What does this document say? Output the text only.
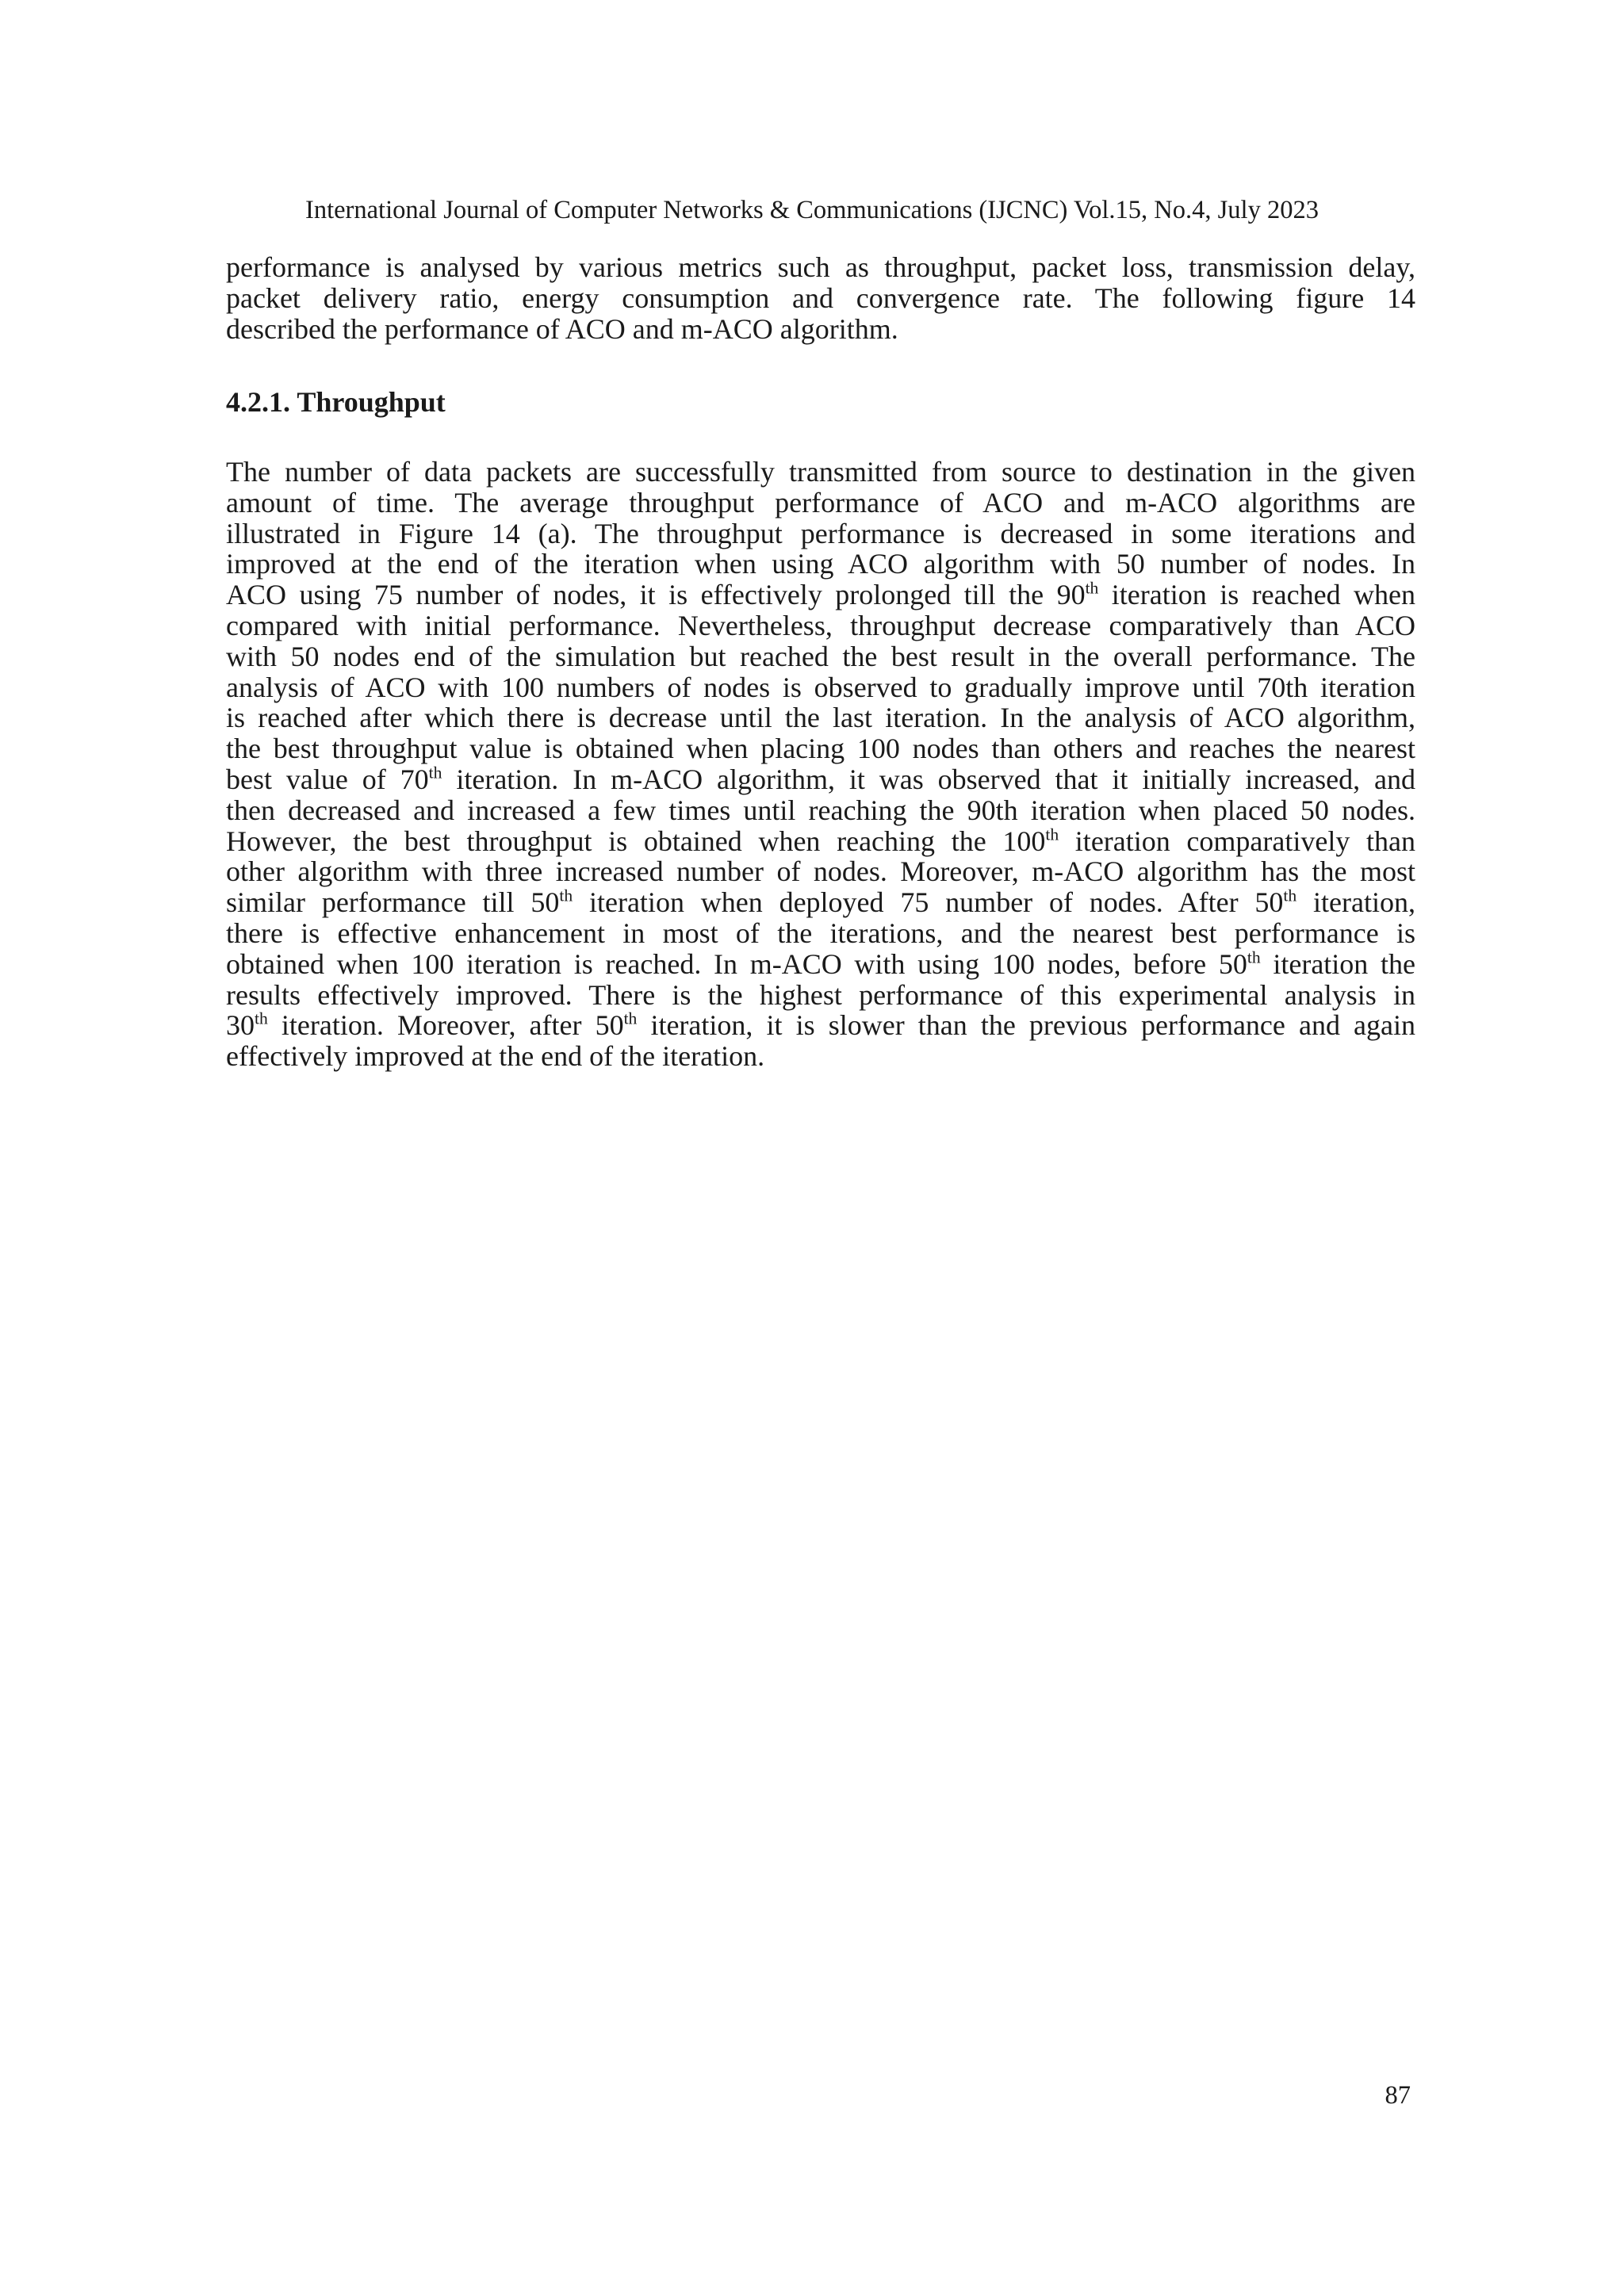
International Journal of Computer Networks & Communications (IJCNC) Vol.15, No.4, July 2023
performance is analysed by various metrics such as throughput, packet loss, transmission delay,
packet delivery ratio, energy consumption and convergence rate. The following figure 14
described the performance of ACO and m-ACO algorithm.
4.2.1. Throughput
The number of data packets are successfully transmitted from source to destination in the given
amount of time. The average throughput performance of ACO and m-ACO algorithms are
illustrated in Figure 14 (a). The throughput performance is decreased in some iterations and
improved at the end of the iteration when using ACO algorithm with 50 number of nodes. In
ACO using 75 number of nodes, it is effectively prolonged till the 90th iteration is reached when
compared with initial performance. Nevertheless, throughput decrease comparatively than ACO
with 50 nodes end of the simulation but reached the best result in the overall performance. The
analysis of ACO with 100 numbers of nodes is observed to gradually improve until 70th iteration
is reached after which there is decrease until the last iteration. In the analysis of ACO algorithm,
the best throughput value is obtained when placing 100 nodes than others and reaches the nearest
best value of 70th iteration. In m-ACO algorithm, it was observed that it initially increased, and
then decreased and increased a few times until reaching the 90th iteration when placed 50 nodes.
However, the best throughput is obtained when reaching the 100th iteration comparatively than
other algorithm with three increased number of nodes. Moreover, m-ACO algorithm has the most
similar performance till 50th iteration when deployed 75 number of nodes. After 50th iteration,
there is effective enhancement in most of the iterations, and the nearest best performance is
obtained when 100 iteration is reached. In m-ACO with using 100 nodes, before 50th iteration the
results effectively improved. There is the highest performance of this experimental analysis in
30th iteration. Moreover, after 50th iteration, it is slower than the previous performance and again
effectively improved at the end of the iteration.
87
